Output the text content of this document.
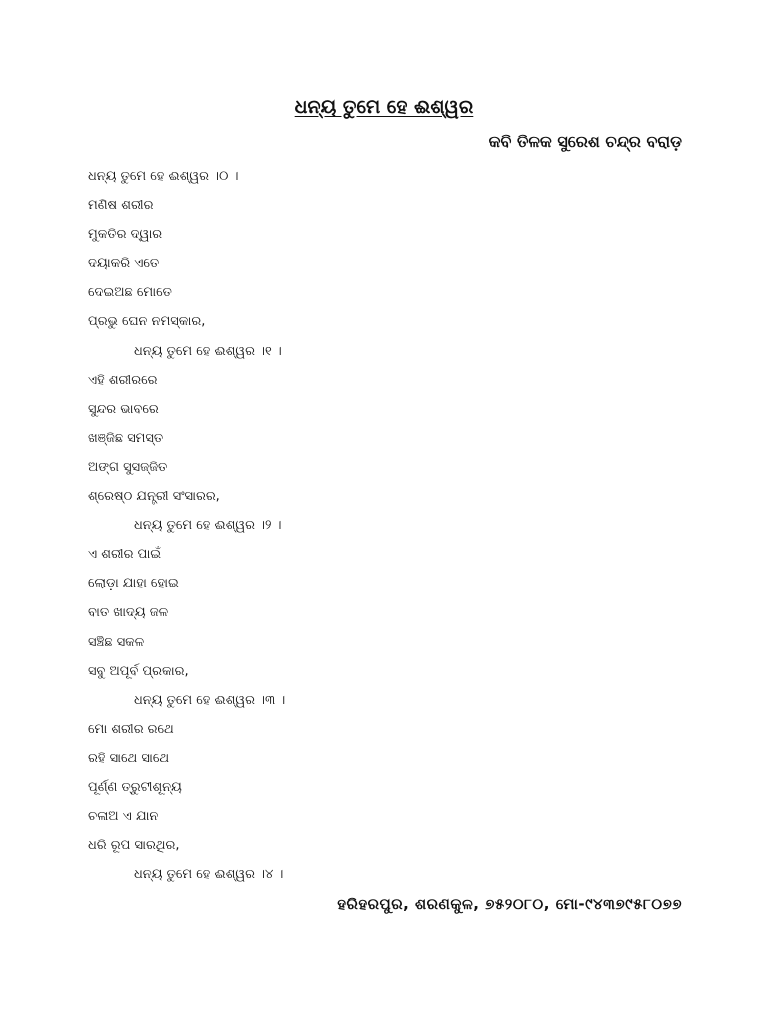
ଧନ୍ୟ ତୁମେ ହେ ଈଶ୍ୱର
କବି ତିଳକ ସୁରେଶ ଚନ୍ଦ୍ର ବରାଡ଼
ଧନ୍ୟ ତୁମେ ହେ ଈଶ୍ୱର ।୦ ।
ମଣିଷ ଶରୀର
ମୁକତିର ଦ୍ୱାର
ଦୟାକରି ଏତେ
ଦେଇଅଛ ମୋତେ
ପ୍ରଭୁ ଘେନ ନମସ୍କାର,
ଧନ୍ୟ ତୁମେ ହେ ଈଶ୍ୱର ।୧ ।
ଏହି ଶରୀରରେ
ସୁନ୍ଦର ଭାବରେ
ଖଞ୍ଜିଛ ସମସ୍ତ
ଅଙ୍ଗ ସୁସଜ୍ଜିତ
ଶ୍ରେଷ୍ଠ ଯନ୍ତ୍ରୀ ସଂସାରର,
ଧନ୍ୟ ତୁମେ ହେ ଈଶ୍ୱର ।୨ ।
ଏ ଶରୀର ପାଇଁ
ଲୋଡ଼ା ଯାହା ହୋଇ
ବାତ ଖାଦ୍ୟ ଜଳ
ସଞ୍ଚିଛ ସକଳ
ସବୁ ଅପୂର୍ବ ପ୍ରକାର,
ଧନ୍ୟ ତୁମେ ହେ ଈଶ୍ୱର ।୩ ।
ମୋ ଶରୀର ରଥେ
ରହି ସାଥେ ସାଥେ
ପୂର୍ଣ୍ଣ ତ୍ରୁଟୀଶୂନ୍ୟ
ଚଳାଅ ଏ ଯାନ
ଧରି ରୂପ ସାରଥିର,
ଧନ୍ୟ ତୁମେ ହେ ଈଶ୍ୱର ।୪ ।
ହରିହରପୁର, ଶରଣକୁଳ, ୭୫୨୦୮୦, ମୋ-୯୪୩୭୯୫୮୦୭୭
